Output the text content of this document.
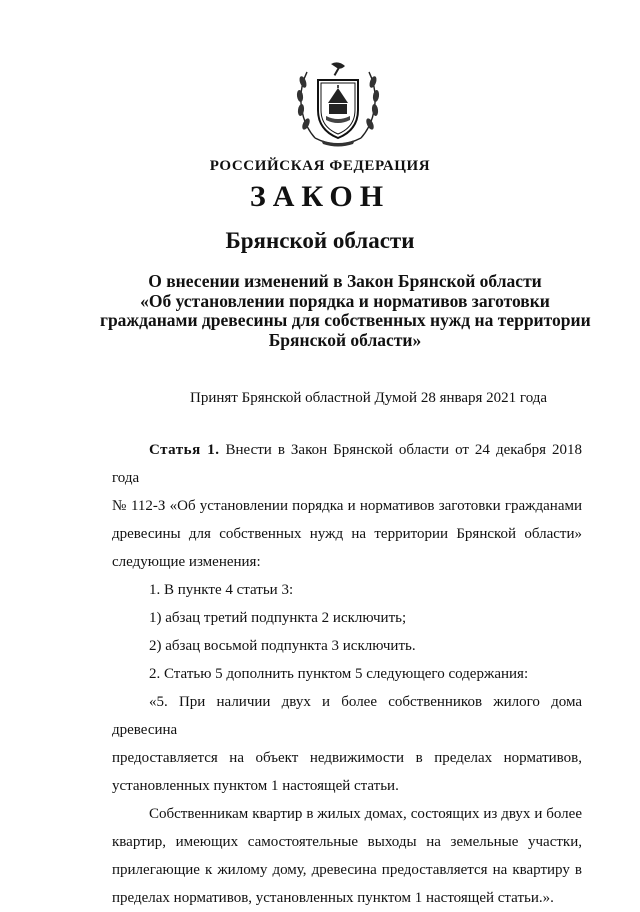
РОССИЙСКАЯ ФЕДЕРАЦИЯ
ЗАКОН
Брянской области
О внесении изменений в Закон Брянской области
«Об установлении порядка и нормативов заготовки
гражданами древесины для собственных нужд на территории
Брянской области»
Принят Брянской областной Думой 28 января 2021 года

Статья 1. Внести в Закон Брянской области от 24 декабря 2018 года

№ 112-З «Об установлении порядка и нормативов заготовки гражданами

древесины для собственных нужд на территории Брянской области»

следующие изменения:

1. В пункте 4 статьи 3:

1) абзац третий подпункта 2 исключить;

2) абзац восьмой подпункта 3 исключить.

2. Статью 5 дополнить пунктом 5 следующего содержания:

«5. При наличии двух и более собственников жилого дома древесина

предоставляется на объект недвижимости в пределах нормативов,

установленных пунктом 1 настоящей статьи.

Собственникам квартир в жилых домах, состоящих из двух и более

квартир, имеющих самостоятельные выходы на земельные участки,

прилегающие к жилому дому, древесина предоставляется на квартиру в

пределах нормативов, установленных пунктом 1 настоящей статьи.».
